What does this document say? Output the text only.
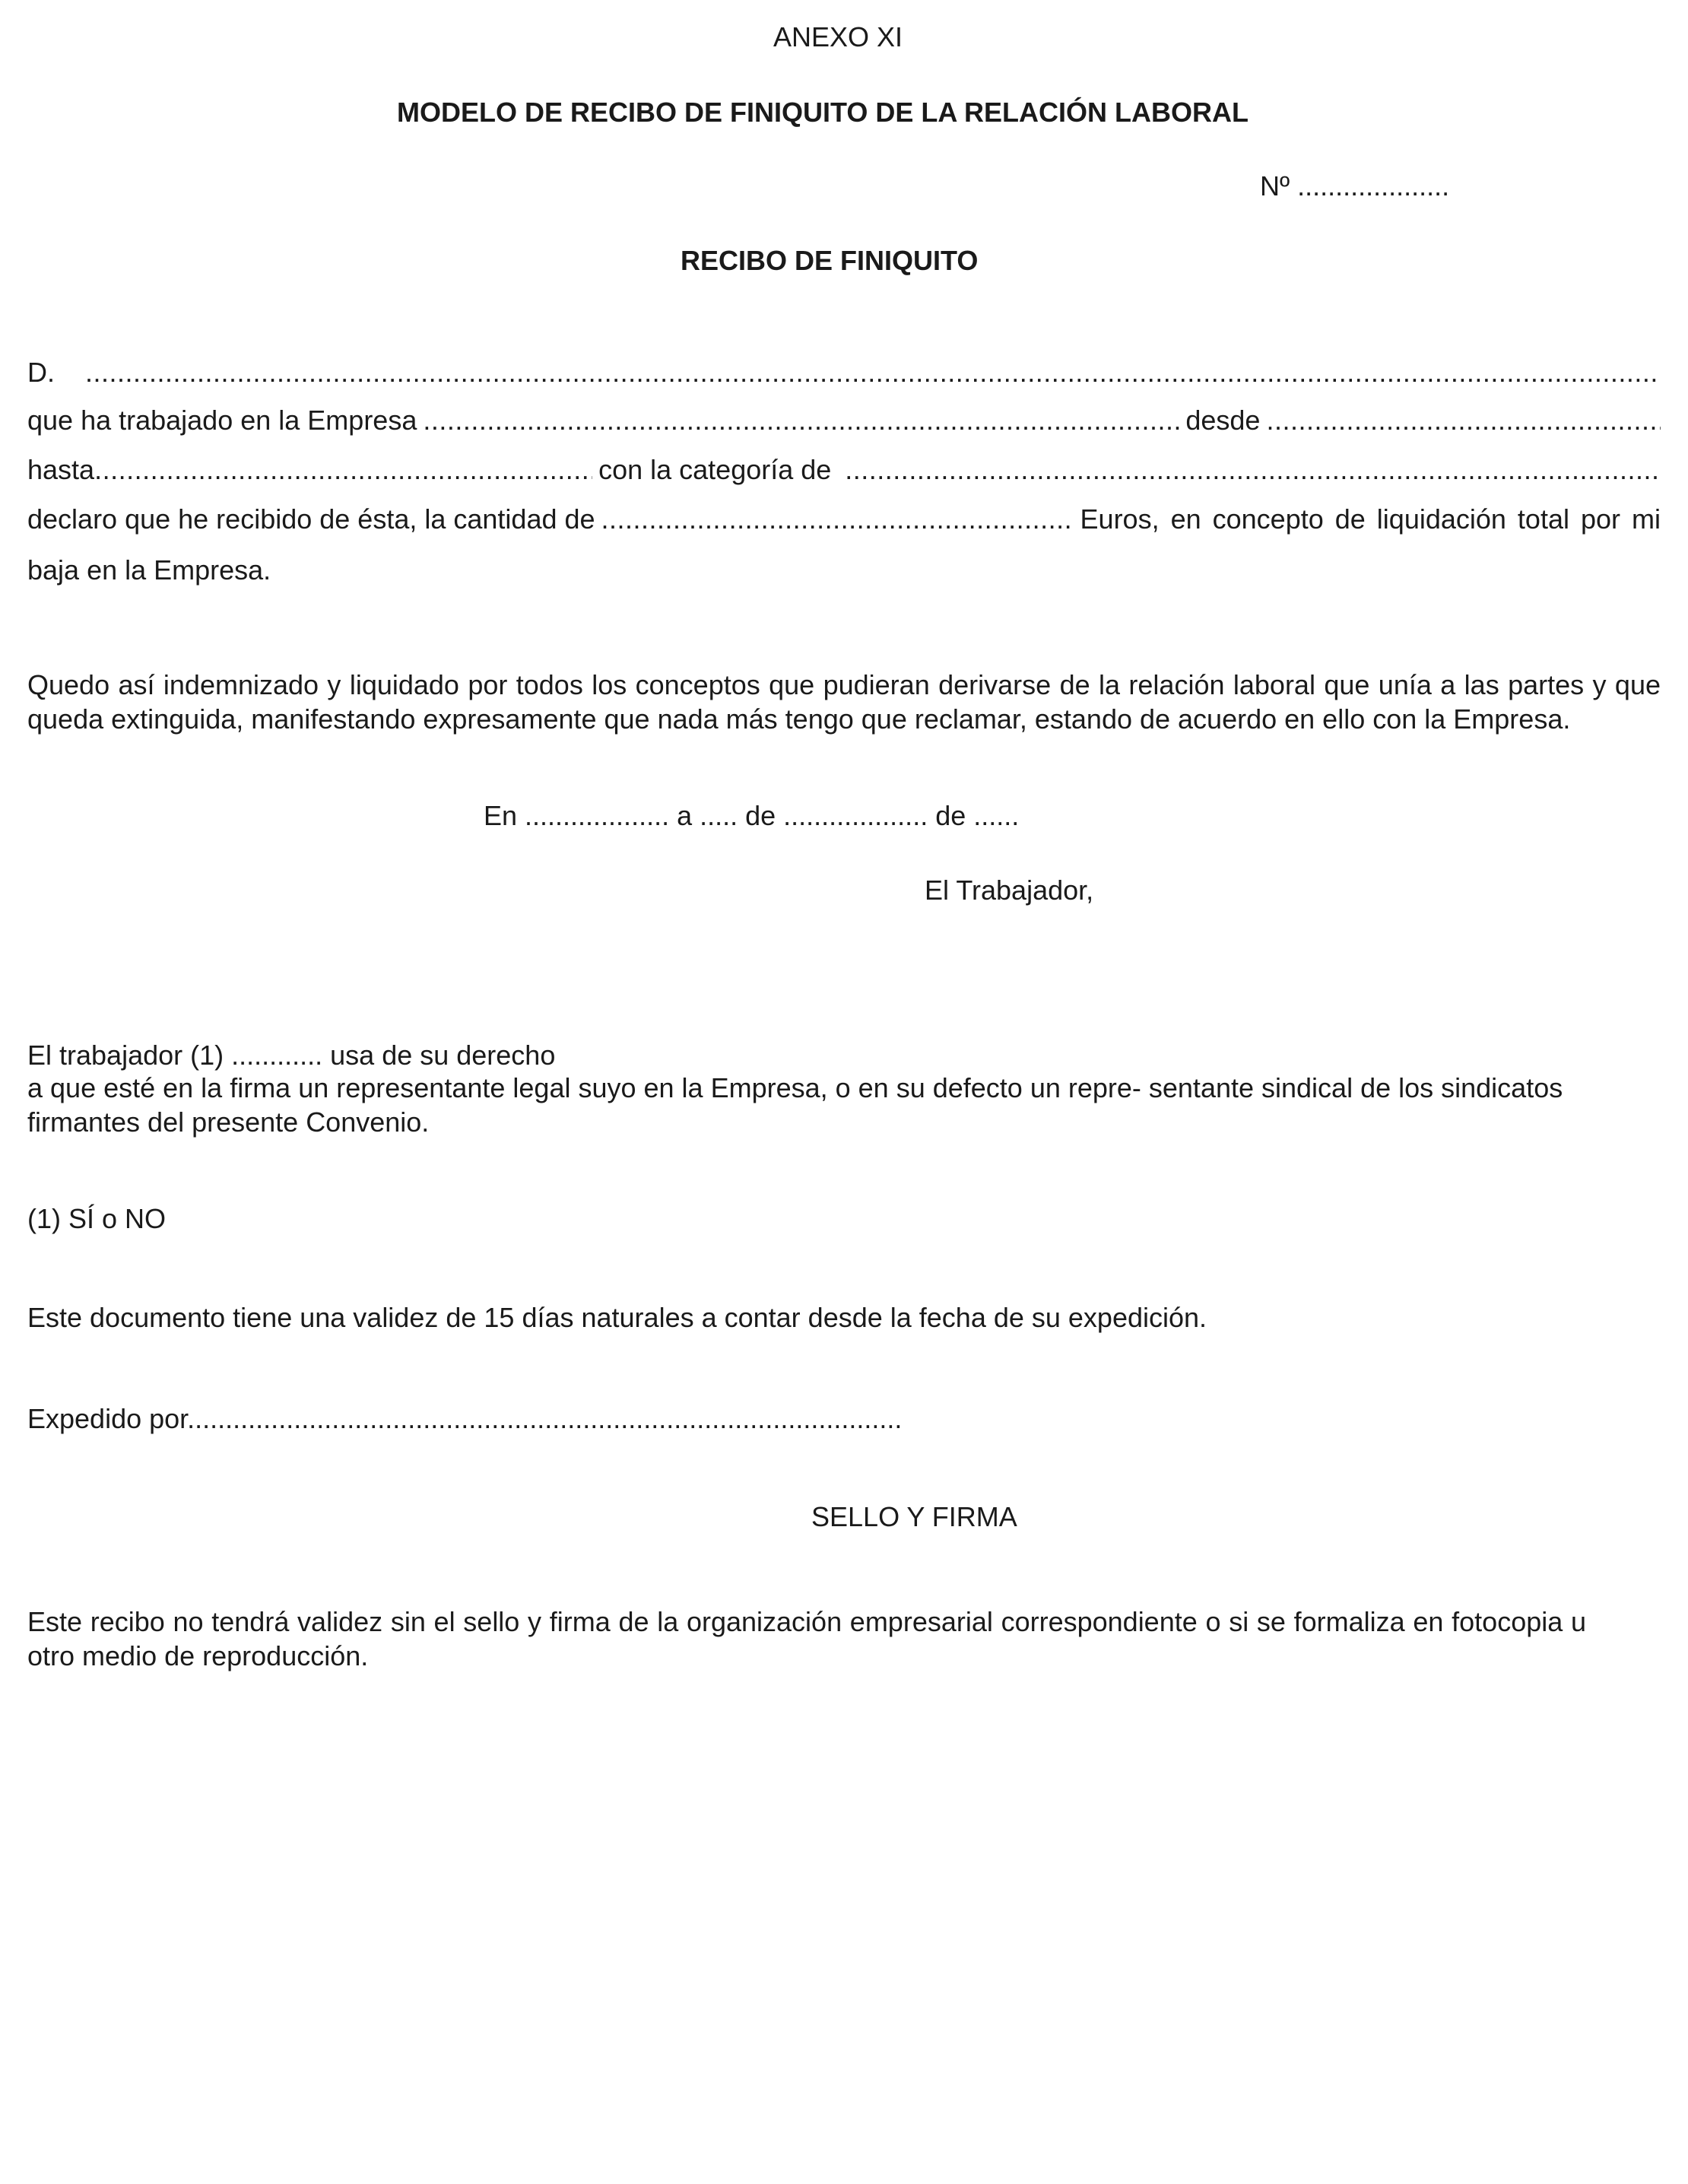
ANEXO XI
MODELO DE RECIBO DE FINIQUITO DE LA RELACIÓN LABORAL
Nº ....................
RECIBO DE FINIQUITO
D.
.....
que ha trabajado en la Empresa .....	desde
.....
hasta .....	con la categoría de
.....
declaro que he recibido de ésta, la cantidad de .....	Euros, en concepto de liquidación total por mi
baja en la Empresa.
Quedo así indemnizado y liquidado por todos los conceptos que pudieran derivarse de la relación laboral que unía a las partes y que queda extinguida, manifestando expresamente que nada más tengo que reclamar, estando de acuerdo en ello con la Empresa.
En ................... a ..... de ................... de ......
El Trabajador,
El trabajador (1) ............ usa de su derecho
a que esté en la firma un representante legal suyo en la Empresa, o en su defecto un repre- sentante sindical de los sindicatos firmantes del presente Convenio.
(1) SÍ o NO
Este documento tiene una validez de 15 días naturales a contar desde la fecha de su expedición.
Expedido por..............................................................................................
SELLO Y FIRMA
Este recibo no tendrá validez sin el sello y firma de la organización empresarial correspondiente o si se formaliza en fotocopia u otro medio de reproducción.
